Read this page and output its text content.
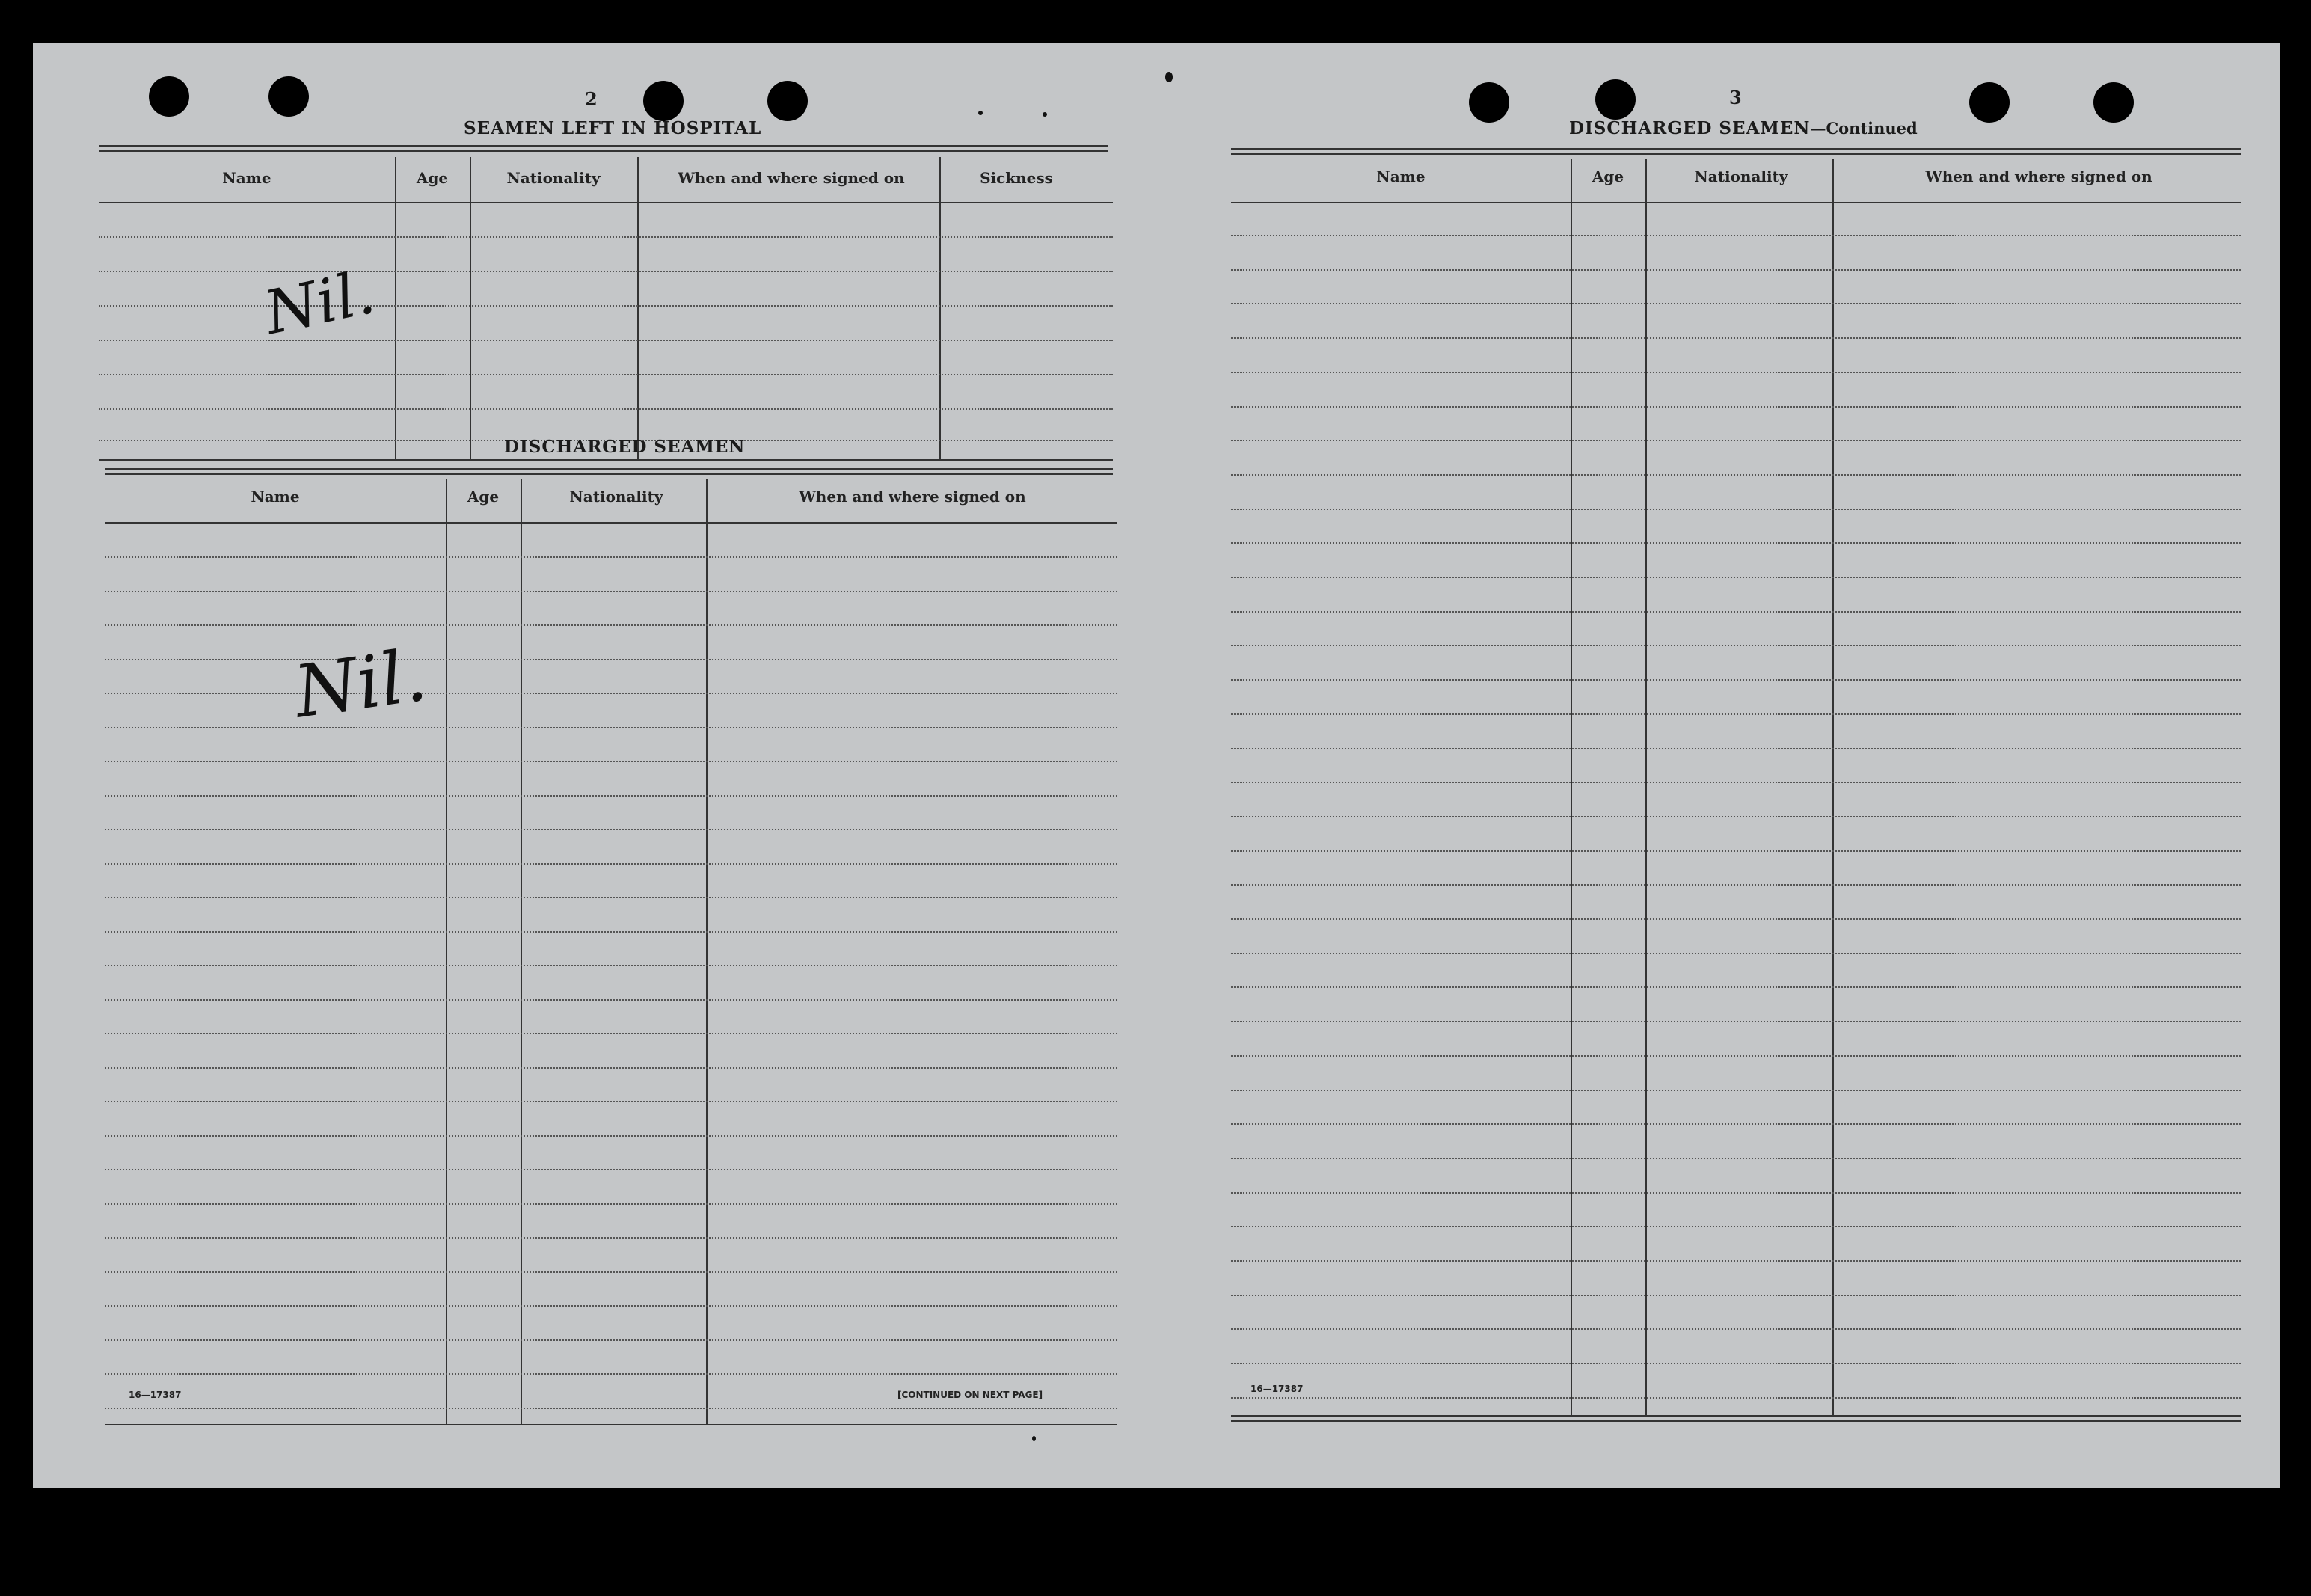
2
SEAMEN LEFT IN HOSPITAL
Name	Age	Nationality	When and where signed on	Sickness
Nil.
DISCHARGED SEAMEN
Name	Age	Nationality	When and where signed on
Nil.
16—17387	[CONTINUED ON NEXT PAGE]
3
DISCHARGED SEAMEN—Continued
Name	Age	Nationality	When and where signed on
16—17387
